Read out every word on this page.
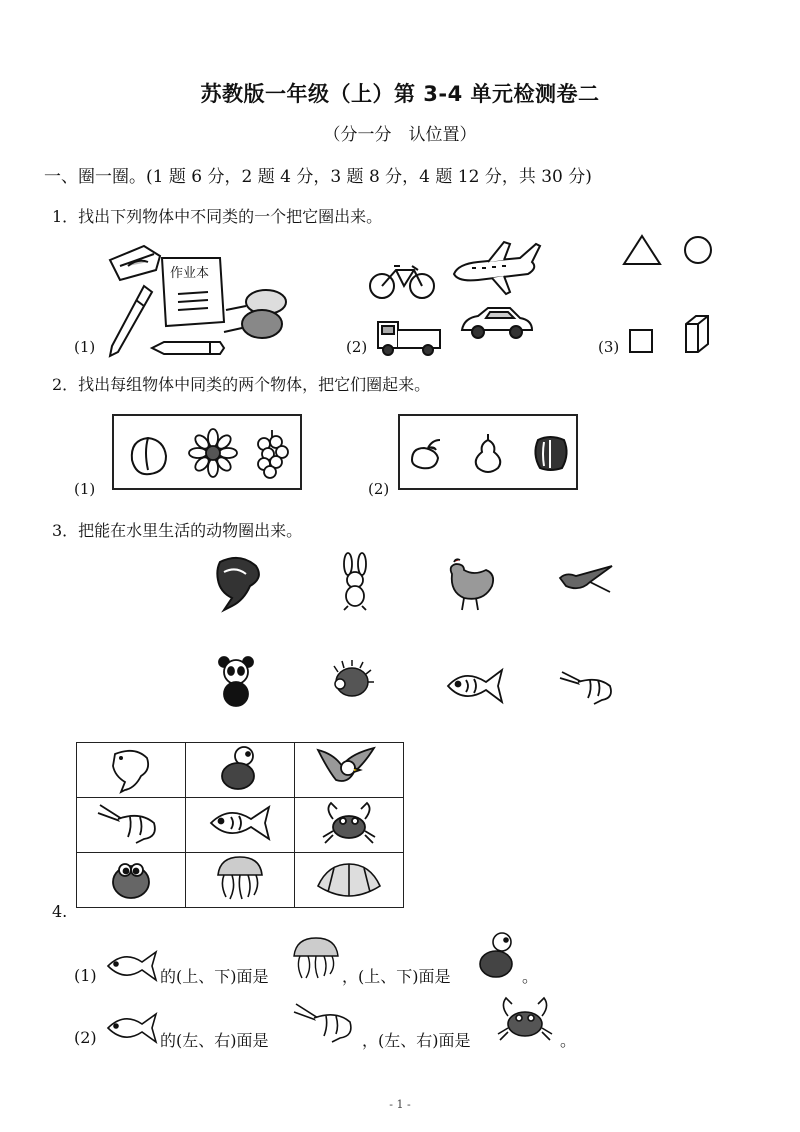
苏教版一年级（上）第 3-4 单元检测卷二
（分一分　认位置）
一、圈一圈。(1 题 6 分，2 题 4 分，3 题 8 分，4 题 12 分，共 30 分)
1．找出下列物体中不同类的一个把它圈出来。
(1)
作业本
(2)	(3)
2．找出每组物体中同类的两个物体，把它们圈起来。
(1)	(2)
3．把能在水里生活的动物圈出来。

4.
(1)	的(上、下)面是	，(上、下)面是	。
(2)	的(左、右)面是	，(左、右)面是	。
- 1 -
